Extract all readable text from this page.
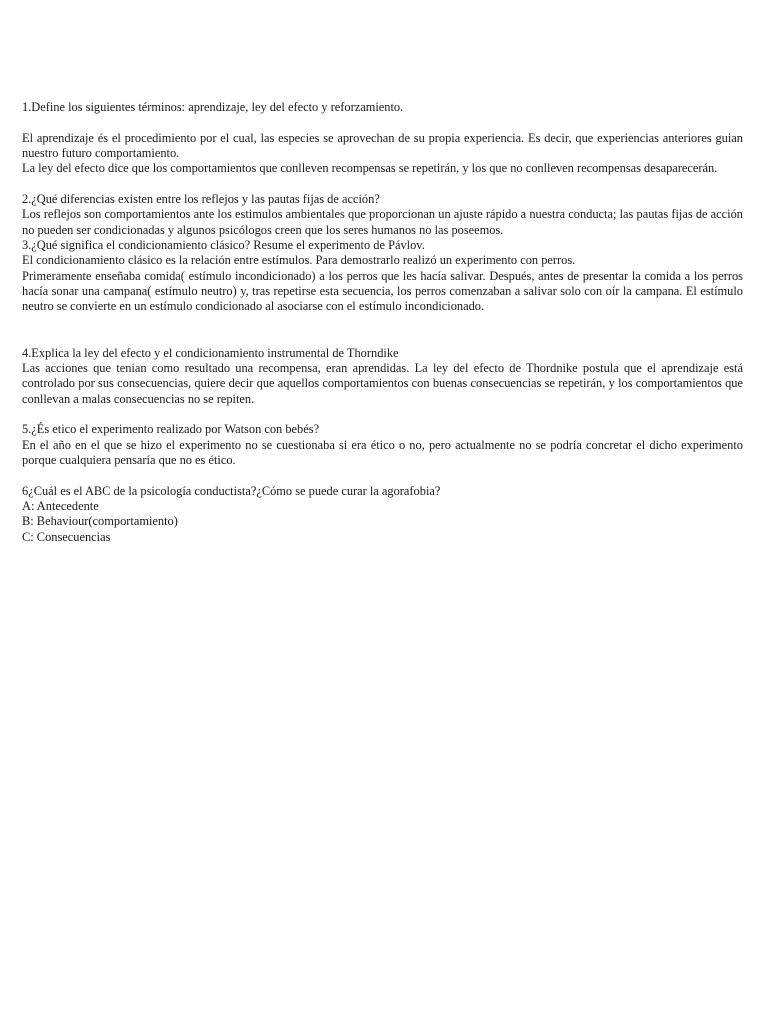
1.Define los siguientes términos: aprendizaje, ley del efecto y reforzamiento.

El aprendizaje és el procedimiento por el cual, las especies se aprovechan de su propia experiencia. Es decir, que experiencias anteriores guian nuestro futuro comportamiento.

La ley del efecto dice que los comportamientos que conlleven recompensas se repetirán, y los que no conlleven recompensas desaparecerán.

2.¿Qué diferencias existen entre los reflejos y las pautas fijas de acción?

Los reflejos son comportamientos ante los estimulos ambientales que proporcionan un ajuste rápido a nuestra conducta; las pautas fijas de acción no pueden ser condicionadas y algunos psicólogos creen que los seres humanos no las poseemos.

3.¿Qué significa el condicionamiento clásico? Resume el experimento de Pávlov.

El condicionamiento clásico es la relación entre estímulos. Para demostrarlo realizó un experimento con perros.

Primeramente enseñaba comida( estímulo incondicionado) a los perros que les hacía salivar. Después, antes de presentar la comida a los perros hacía sonar una campana( estímulo neutro) y, tras repetirse esta secuencia, los perros comenzaban a salivar solo con oír la campana. El estímulo neutro se convierte en un estímulo condicionado al asociarse con el estímulo incondicionado.

4.Explica la ley del efecto y el condicionamiento instrumental de Thorndike

Las acciones que tenian como resultado una recompensa, eran aprendidas. La ley del efecto de Thordnike postula que el aprendizaje está controlado por sus consecuencias, quiere decir que aquellos comportamientos con buenas consecuencias se repetirán, y los comportamientos que conllevan a malas consecuencias no se repiten.

5.¿És etico el experimento realizado por Watson con bebés?

En el año en el que se hizo el experimento no se cuestionaba si era ético o no, pero actualmente no se podría concretar el dicho experimento porque cualquiera pensaría que no es ético.

6¿Cuál es el ABC de la psicología conductista?¿Cómo se puede curar la agorafobia?

A: Antecedente

B: Behaviour(comportamiento)

C: Consecuencias
